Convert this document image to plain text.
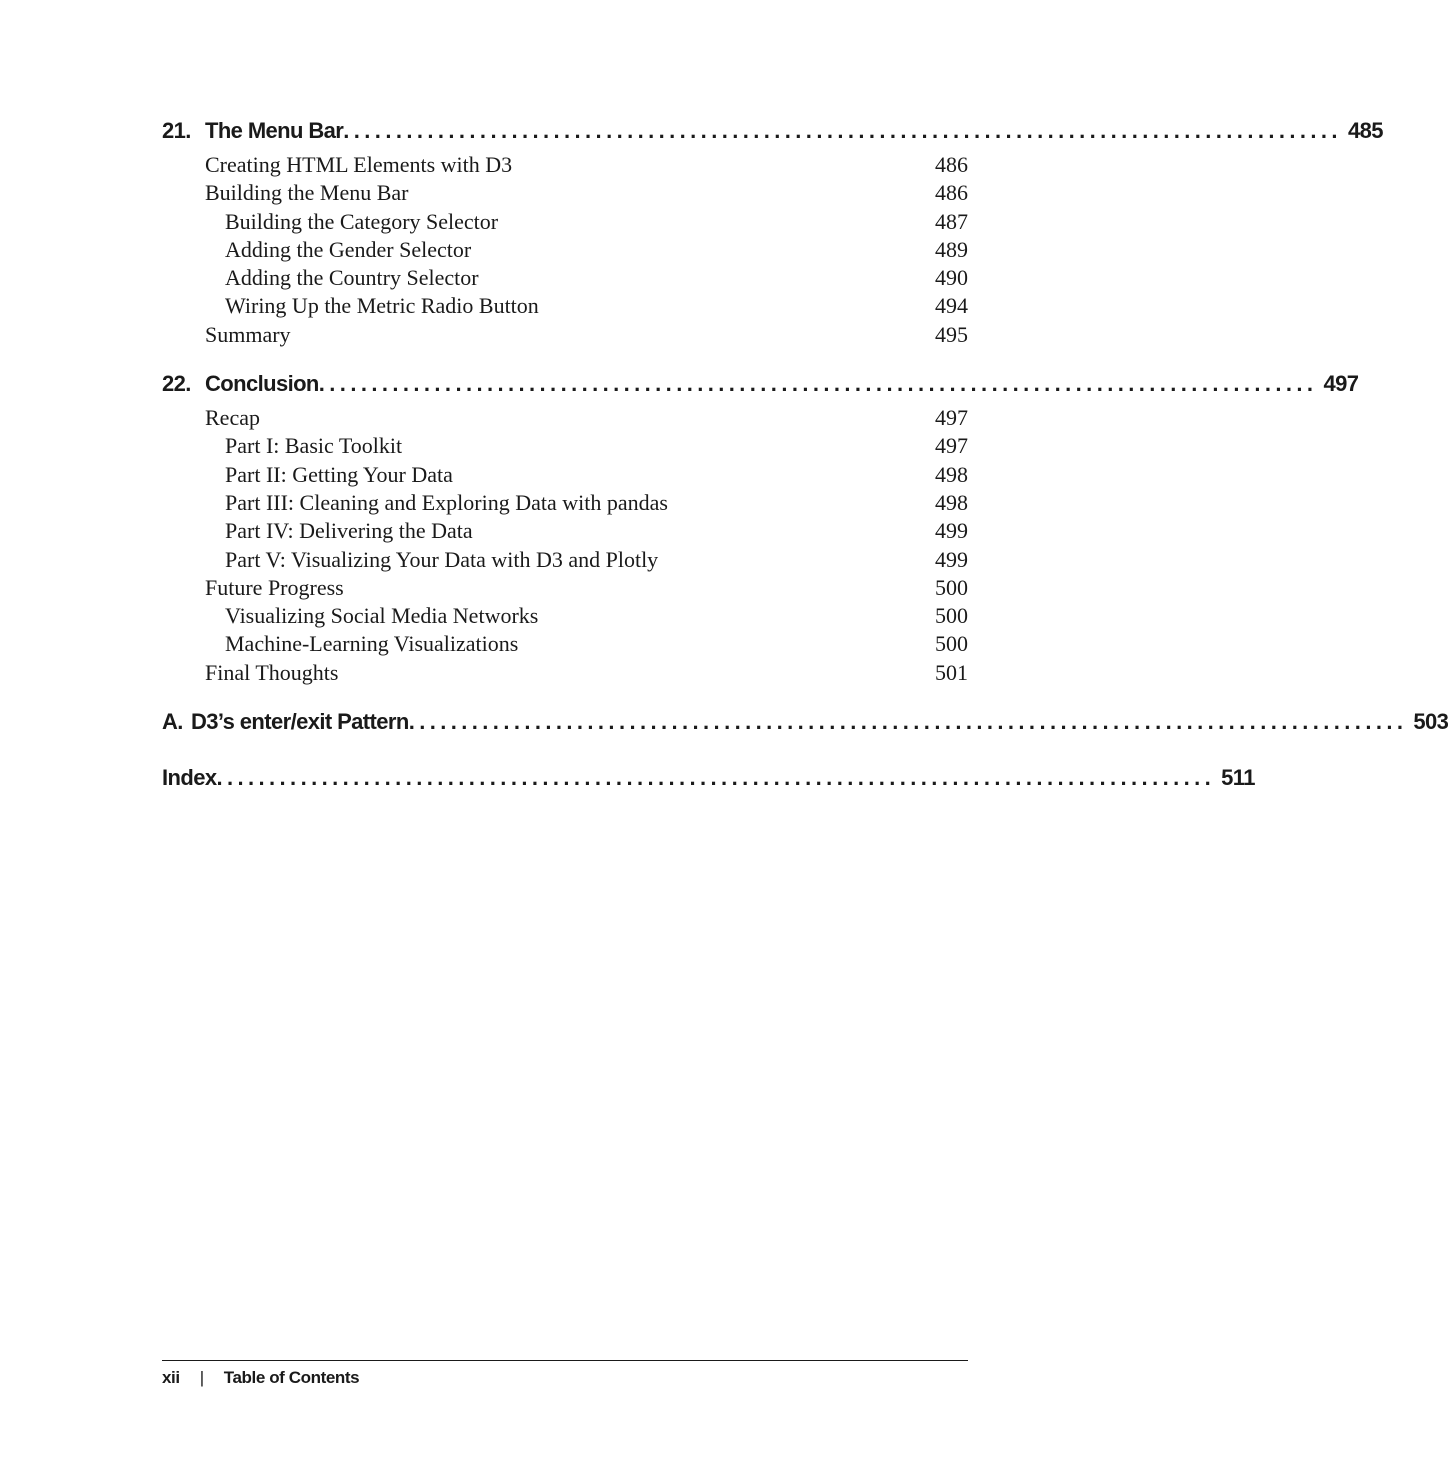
21. The Menu Bar ............................................................................................... 485
Creating HTML Elements with D3	486
Building the Menu Bar	486
Building the Category Selector	487
Adding the Gender Selector	489
Adding the Country Selector	490
Wiring Up the Metric Radio Button	494
Summary	495
22. Conclusion ............................................................................................... 497
Recap	497
Part I: Basic Toolkit	497
Part II: Getting Your Data	498
Part III: Cleaning and Exploring Data with pandas	498
Part IV: Delivering the Data	499
Part V: Visualizing Your Data with D3 and Plotly	499
Future Progress	500
Visualizing Social Media Networks	500
Machine-Learning Visualizations	500
Final Thoughts	501
A. D3’s enter/exit Pattern ............................................................................................... 503
Index ............................................................................................... 511
xii | Table of Contents
